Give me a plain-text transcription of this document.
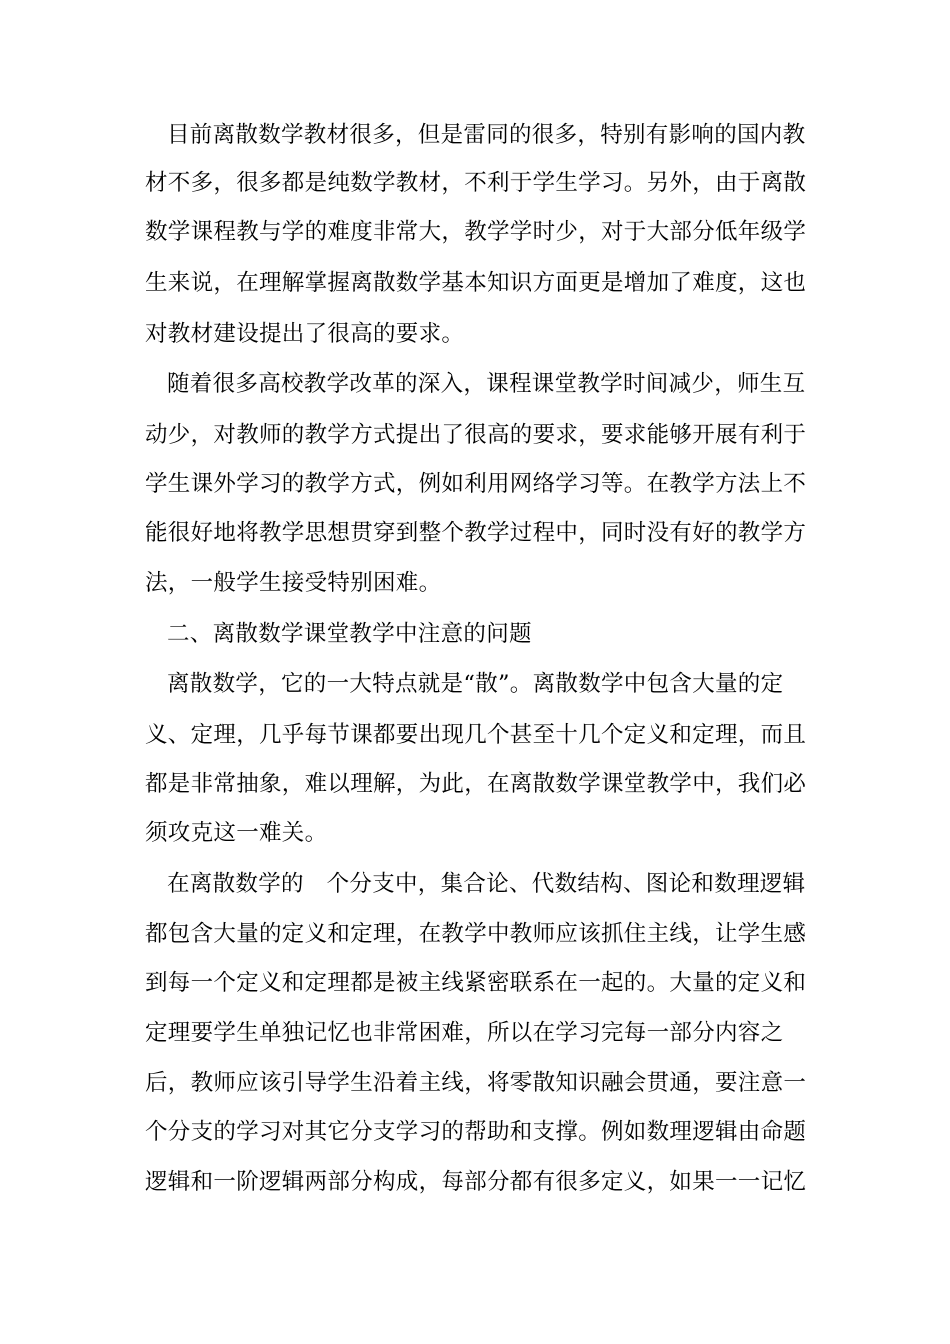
目前离散数学教材很多，但是雷同的很多，特别有影响的国内教
材不多，很多都是纯数学教材，不利于学生学习。另外，由于离散
数学课程教与学的难度非常大，教学学时少，对于大部分低年级学
生来说，在理解掌握离散数学基本知识方面更是增加了难度，这也
对教材建设提出了很高的要求。
随着很多高校教学改革的深入，课程课堂教学时间减少，师生互
动少，对教师的教学方式提出了很高的要求，要求能够开展有利于
学生课外学习的教学方式，例如利用网络学习等。在教学方法上不
能很好地将教学思想贯穿到整个教学过程中，同时没有好的教学方
法，一般学生接受特别困难。
二、离散数学课堂教学中注意的问题
离散数学，它的一大特点就是“散”。离散数学中包含大量的定
义、定理，几乎每节课都要出现几个甚至十几个定义和定理，而且
都是非常抽象，难以理解，为此，在离散数学课堂教学中，我们必
须攻克这一难关。
在离散数学的　个分支中，集合论、代数结构、图论和数理逻辑
都包含大量的定义和定理，在教学中教师应该抓住主线，让学生感
到每一个定义和定理都是被主线紧密联系在一起的。大量的定义和
定理要学生单独记忆也非常困难，所以在学习完每一部分内容之
后，教师应该引导学生沿着主线，将零散知识融会贯通，要注意一
个分支的学习对其它分支学习的帮助和支撑。例如数理逻辑由命题
逻辑和一阶逻辑两部分构成，每部分都有很多定义，如果一一记忆
